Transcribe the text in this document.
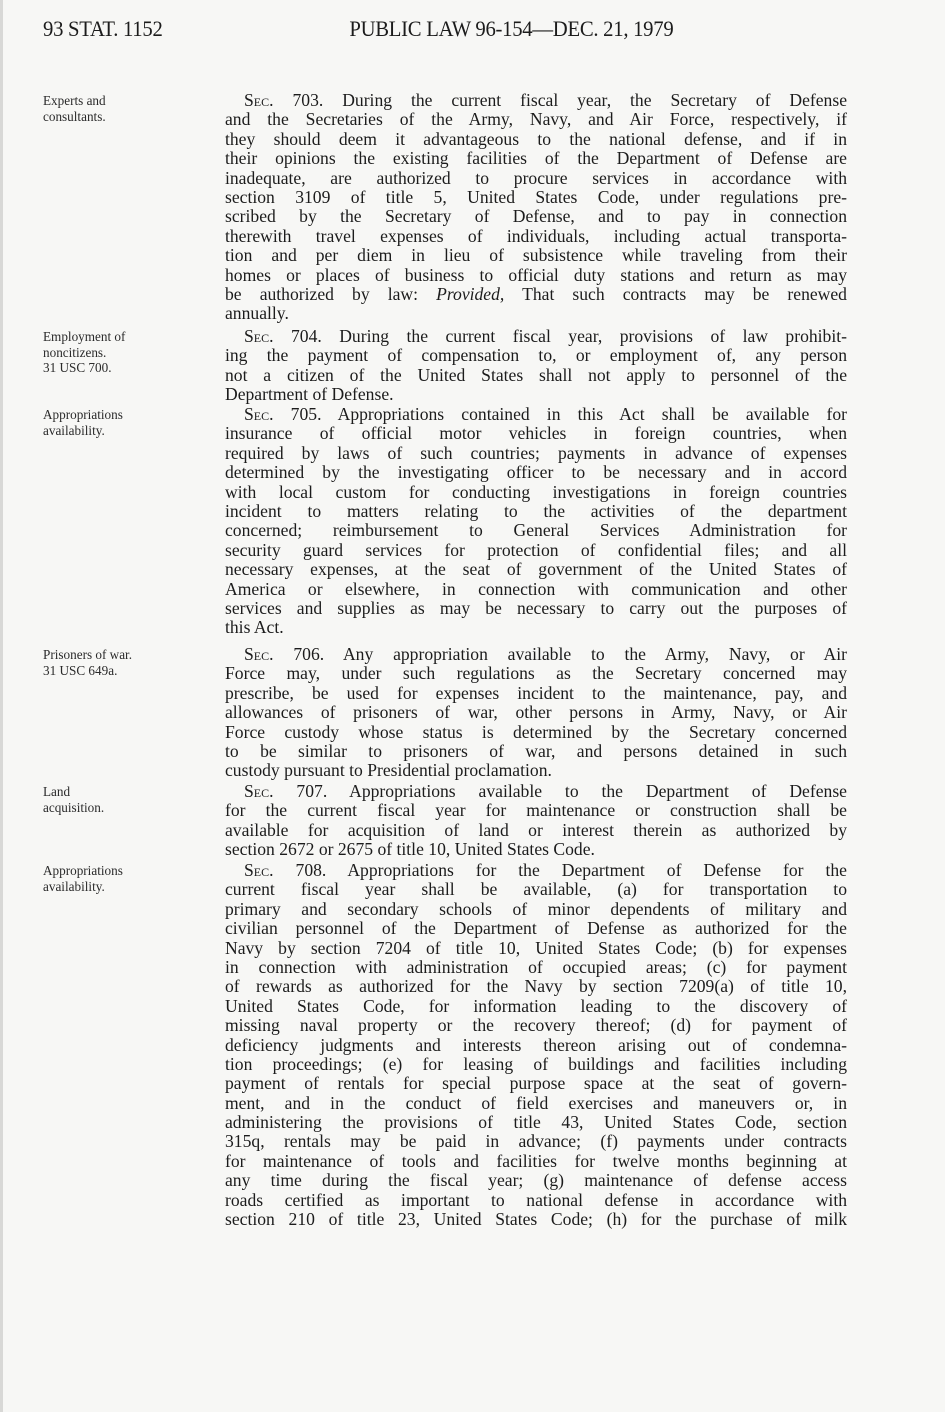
93 STAT. 1152	PUBLIC LAW 96-154—DEC. 21, 1979
Experts and
consultants.
Sec. 703. During the current fiscal year, the Secretary of Defense
and the Secretaries of the Army, Navy, and Air Force, respectively, if
they should deem it advantageous to the national defense, and if in
their opinions the existing facilities of the Department of Defense are
inadequate, are authorized to procure services in accordance with
section 3109 of title 5, United States Code, under regulations pre-
scribed by the Secretary of Defense, and to pay in connection
therewith travel expenses of individuals, including actual transporta-
tion and per diem in lieu of subsistence while traveling from their
homes or places of business to official duty stations and return as may
be authorized by law: Provided, That such contracts may be renewed
annually.
Employment of
noncitizens.
31 USC 700.
Sec. 704. During the current fiscal year, provisions of law prohibit-
ing the payment of compensation to, or employment of, any person
not a citizen of the United States shall not apply to personnel of the
Department of Defense.
Appropriations
availability.
Sec. 705. Appropriations contained in this Act shall be available for
insurance of official motor vehicles in foreign countries, when
required by laws of such countries; payments in advance of expenses
determined by the investigating officer to be necessary and in accord
with local custom for conducting investigations in foreign countries
incident to matters relating to the activities of the department
concerned; reimbursement to General Services Administration for
security guard services for protection of confidential files; and all
necessary expenses, at the seat of government of the United States of
America or elsewhere, in connection with communication and other
services and supplies as may be necessary to carry out the purposes of
this Act.
Prisoners of war.
31 USC 649a.
Sec. 706. Any appropriation available to the Army, Navy, or Air
Force may, under such regulations as the Secretary concerned may
prescribe, be used for expenses incident to the maintenance, pay, and
allowances of prisoners of war, other persons in Army, Navy, or Air
Force custody whose status is determined by the Secretary concerned
to be similar to prisoners of war, and persons detained in such
custody pursuant to Presidential proclamation.
Land
acquisition.
Sec. 707. Appropriations available to the Department of Defense
for the current fiscal year for maintenance or construction shall be
available for acquisition of land or interest therein as authorized by
section 2672 or 2675 of title 10, United States Code.
Appropriations
availability.
Sec. 708. Appropriations for the Department of Defense for the
current fiscal year shall be available, (a) for transportation to
primary and secondary schools of minor dependents of military and
civilian personnel of the Department of Defense as authorized for the
Navy by section 7204 of title 10, United States Code; (b) for expenses
in connection with administration of occupied areas; (c) for payment
of rewards as authorized for the Navy by section 7209(a) of title 10,
United States Code, for information leading to the discovery of
missing naval property or the recovery thereof; (d) for payment of
deficiency judgments and interests thereon arising out of condemna-
tion proceedings; (e) for leasing of buildings and facilities including
payment of rentals for special purpose space at the seat of govern-
ment, and in the conduct of field exercises and maneuvers or, in
administering the provisions of title 43, United States Code, section
315q, rentals may be paid in advance; (f) payments under contracts
for maintenance of tools and facilities for twelve months beginning at
any time during the fiscal year; (g) maintenance of defense access
roads certified as important to national defense in accordance with
section 210 of title 23, United States Code; (h) for the purchase of milk
